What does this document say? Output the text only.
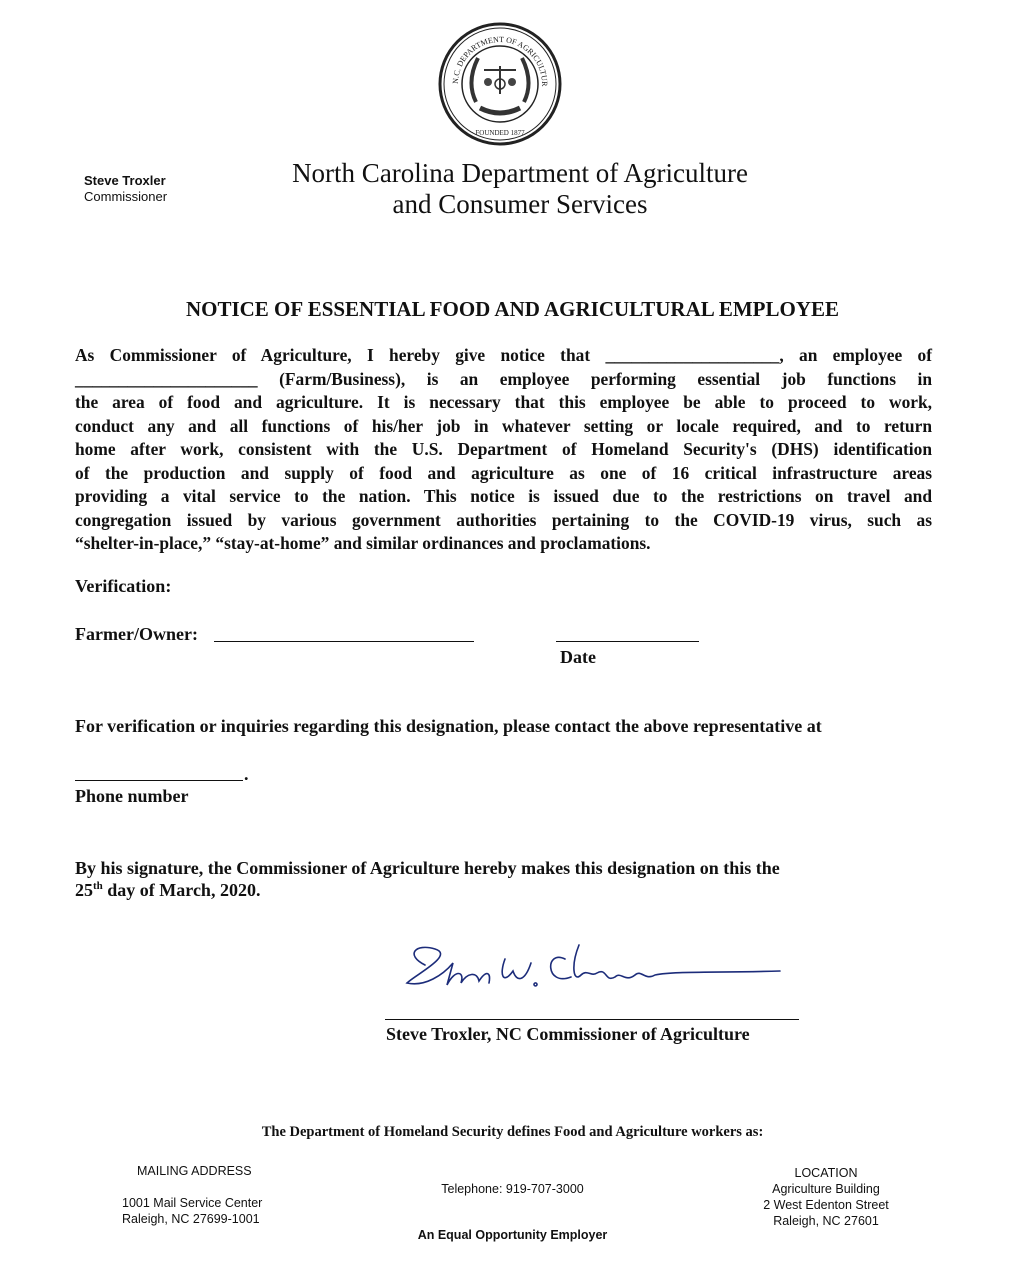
N.C. DEPARTMENT OF AGRICULTUR
· FOUNDED 1877 ·
Steve Troxler
Commissioner
North Carolina Department of Agriculture
and Consumer Services
NOTICE OF ESSENTIAL FOOD AND AGRICULTURAL EMPLOYEE
As Commissioner of Agriculture, I hereby give notice that ____________________, an employee of
_____________________ (Farm/Business), is an employee performing essential job functions in
the area of food and agriculture. It is necessary that this employee be able to proceed to work,
conduct any and all functions of his/her job in whatever setting or locale required, and to return
home after work, consistent with the U.S. Department of Homeland Security's (DHS) identification
of the production and supply of food and agriculture as one of 16 critical infrastructure areas
providing a vital service to the nation. This notice is issued due to the restrictions on travel and
congregation issued by various government authorities pertaining to the COVID-19 virus, such as
“shelter-in-place,” “stay-at-home” and similar ordinances and proclamations.
Verification:
Farmer/Owner:
Date
For verification or inquiries regarding this designation, please contact the above representative at
.
Phone number
By his signature, the Commissioner of Agriculture hereby makes this designation on this the
25th day of March, 2020.
Steve Troxler, NC Commissioner of Agriculture
The Department of Homeland Security defines Food and Agriculture workers as:
MAILING ADDRESS
1001 Mail Service Center
Raleigh, NC 27699-1001
Telephone: 919-707-3000
An Equal Opportunity Employer
LOCATION
Agriculture Building
2 West Edenton Street
Raleigh, NC 27601
